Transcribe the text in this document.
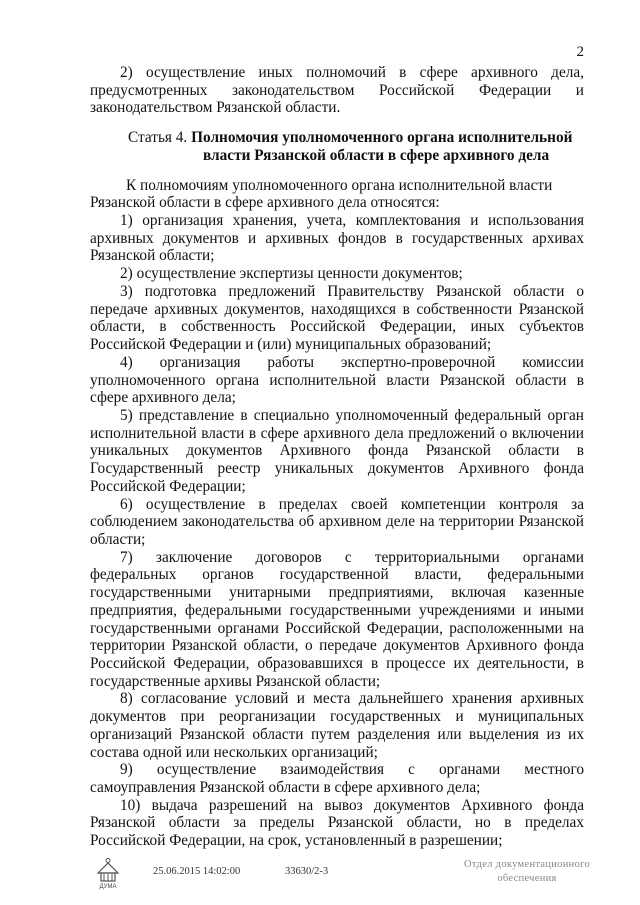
2
2) осуществление иных полномочий в сфере архивного дела,
предусмотренных законодательством Российской Федерации и
законодательством Рязанской области.
Статья 4. Полномочия уполномоченного органа исполнительной
власти Рязанской области в сфере архивного дела
К полномочиям уполномоченного органа исполнительной власти
Рязанской области в сфере архивного дела относятся:
1) организация хранения, учета, комплектования и использования
архивных документов и архивных фондов в государственных архивах
Рязанской области;
2) осуществление экспертизы ценности документов;
3) подготовка предложений Правительству Рязанской области о
передаче архивных документов, находящихся в собственности Рязанской
области, в собственность Российской Федерации, иных субъектов
Российской Федерации и (или) муниципальных образований;
4) организация работы экспертно-проверочной комиссии
уполномоченного органа исполнительной власти Рязанской области в
сфере архивного дела;
5) представление в специально уполномоченный федеральный орган
исполнительной власти в сфере архивного дела предложений о включении
уникальных документов Архивного фонда Рязанской области в
Государственный реестр уникальных документов Архивного фонда
Российской Федерации;
6) осуществление в пределах своей компетенции контроля за
соблюдением законодательства об архивном деле на территории Рязанской
области;
7) заключение договоров с территориальными органами
федеральных органов государственной власти, федеральными
государственными унитарными предприятиями, включая казенные
предприятия, федеральными государственными учреждениями и иными
государственными органами Российской Федерации, расположенными на
территории Рязанской области, о передаче документов Архивного фонда
Российской Федерации, образовавшихся в процессе их деятельности, в
государственные архивы Рязанской области;
8) согласование условий и места дальнейшего хранения архивных
документов при реорганизации государственных и муниципальных
организаций Рязанской области путем разделения или выделения из их
состава одной или нескольких организаций;
9) осуществление взаимодействия с органами местного
самоуправления Рязанской области в сфере архивного дела;
10) выдача разрешений на вывоз документов Архивного фонда
Рязанской области за пределы Рязанской области, но в пределах
Российской Федерации, на срок, установленный в разрешении;
ДУМА
25.06.2015 14:02:00	33630/2-3
Отдел документационного
обеспечения
